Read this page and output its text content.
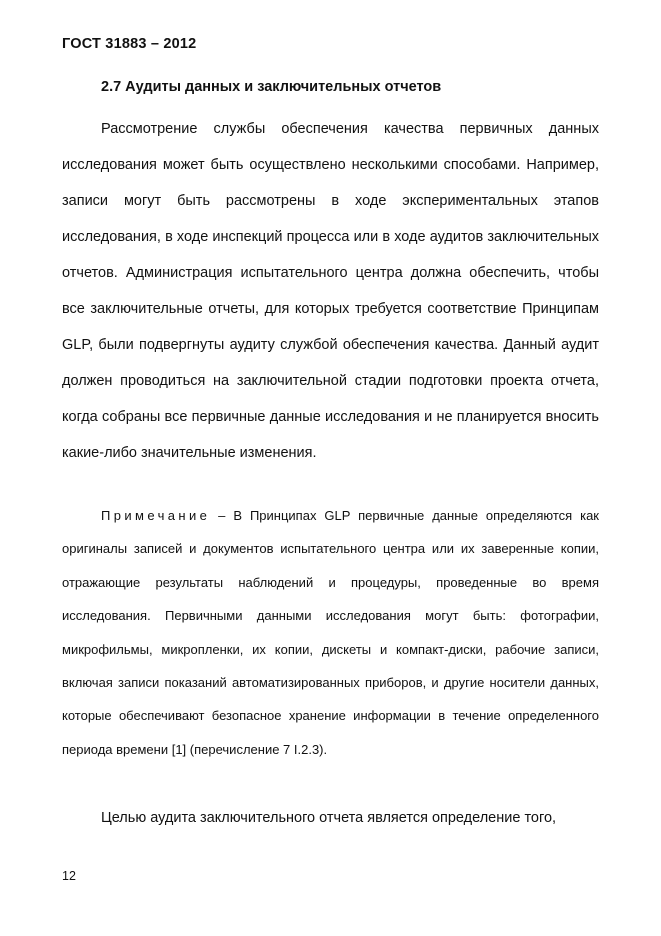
ГОСТ 31883 – 2012
2.7 Аудиты данных и заключительных отчетов

Рассмотрение службы обеспечения качества первичных данных исследования может быть осуществлено несколькими способами. Например, записи могут быть рассмотрены в ходе экспериментальных этапов исследования, в ходе инспекций процесса или в ходе аудитов заключительных отчетов. Администрация испытательного центра должна обеспечить, чтобы все заключительные отчеты, для которых требуется соответствие Принципам GLP, были подвергнуты аудиту службой обеспечения качества. Данный аудит должен проводиться на заключительной стадии подготовки проекта отчета, когда собраны все первичные данные исследования и не планируется вносить какие-либо значительные изменения.

Примечание – В Принципах GLP первичные данные определяются как оригиналы записей и документов испытательного центра или их заверенные копии, отражающие результаты наблюдений и процедуры, проведенные во время исследования. Первичными данными исследования могут быть: фотографии, микрофильмы, микропленки, их копии, дискеты и компакт-диски, рабочие записи, включая записи показаний автоматизированных приборов, и другие носители данных, которые обеспечивают безопасное хранение информации в течение определенного периода времени [1] (перечисление 7 I.2.3).

Целью аудита заключительного отчета является определение того,

12
